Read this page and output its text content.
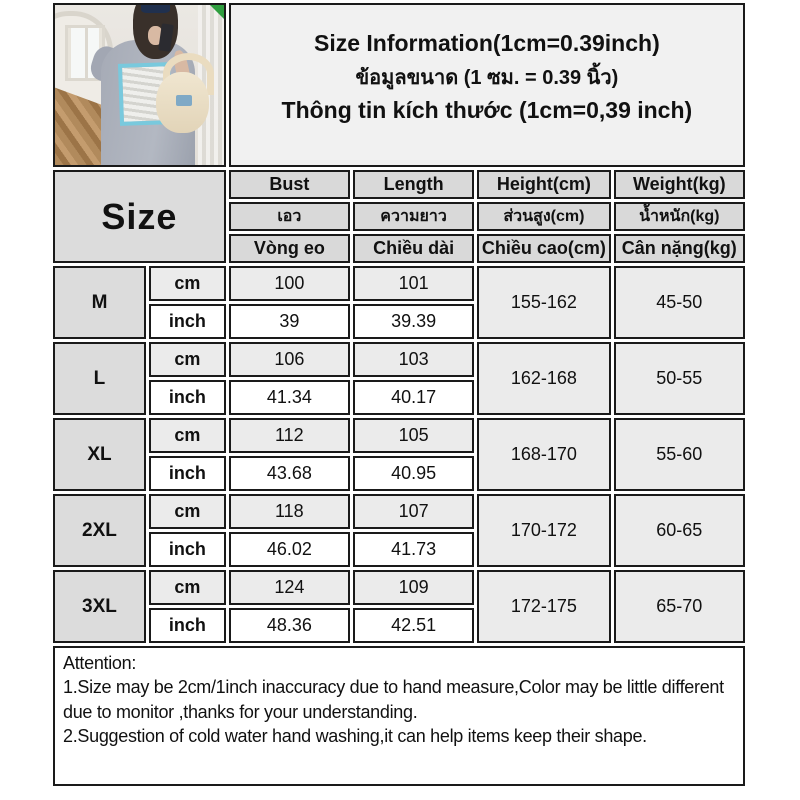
		Size Information(1cm=0.39inch)
ข้อมูลขนาด (1 ซม. = 0.39 นิ้ว)
Thông tin kích thước (1cm=0,39 inch)			

Size		Bust	Length	Height(cm)	Weight(kg)
		เอว	ความยาว	ส่วนสูง(cm)	น้ำหนัก(kg)
		Vòng eo	Chiều dài	Chiều cao(cm)	Cân nặng(kg)
M	cm	100	101	155-162	45-50
	inch	39	39.39		
L	cm	106	103	162-168	50-55
	inch	41.34	40.17		
XL	cm	112	105	168-170	55-60
	inch	43.68	40.95		
2XL	cm	118	107	170-172	60-65
	inch	46.02	41.73		
3XL	cm	124	109	172-175	65-70
	inch	48.36	42.51		

Attention:
1.Size may be 2cm/1inch inaccuracy due to hand measure,Color may be little different due to monitor ,thanks for your understanding.
2.Suggestion of cold water hand washing,it can help items keep their shape.					
